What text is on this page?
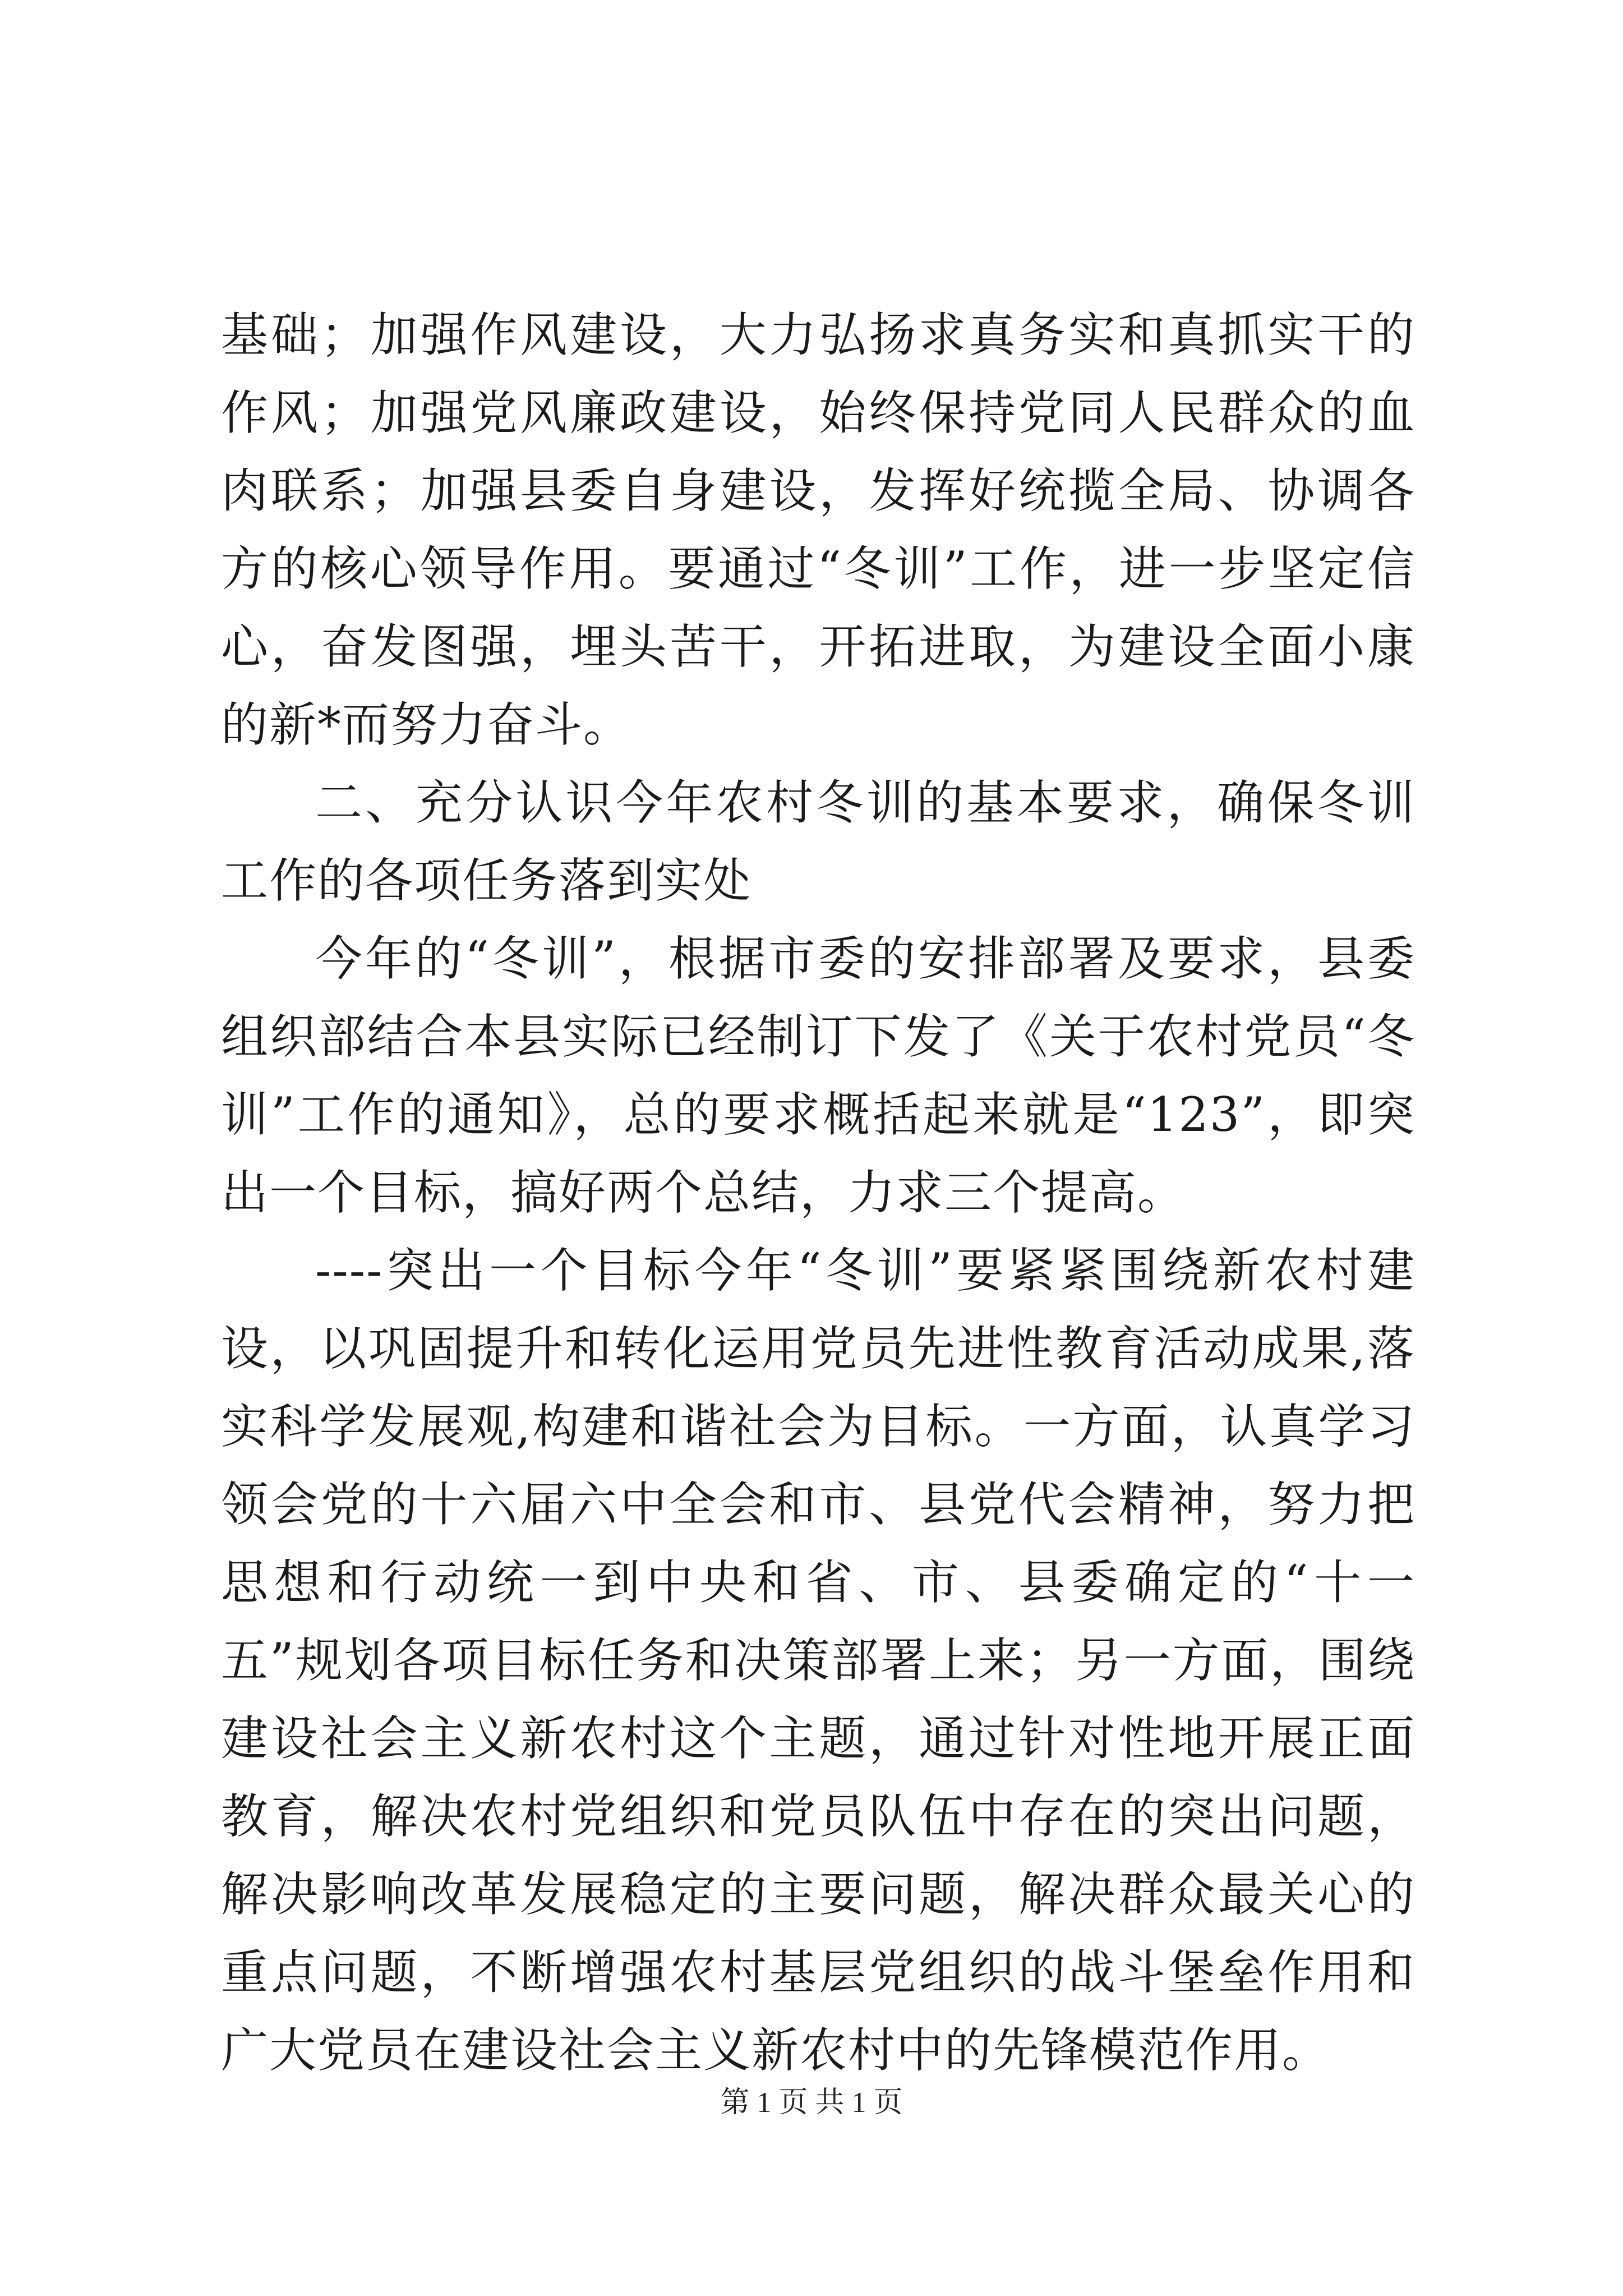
基础；加强作风建设，大力弘扬求真务实和真抓实干的作风；加强党风廉政建设，始终保持党同人民群众的血肉联系；加强县委自身建设，发挥好统揽全局、协调各方的核心领导作用。要通过“冬训”工作，进一步坚定信心，奋发图强，埋头苦干，开拓进取，为建设全面小康的新*而努力奋斗。

二、充分认识今年农村冬训的基本要求，确保冬训工作的各项任务落到实处

今年的“冬训”，根据市委的安排部署及要求，县委组织部结合本县实际已经制订下发了《关于农村党员“冬训”工作的通知》，总的要求概括起来就是“123”，即突出一个目标，搞好两个总结，力求三个提高。

----突出一个目标今年“冬训”要紧紧围绕新农村建设，以巩固提升和转化运用党员先进性教育活动成果,落实科学发展观,构建和谐社会为目标。一方面，认真学习领会党的十六届六中全会和市、县党代会精神，努力把思想和行动统一到中央和省、市、县委确定的“十一五”规划各项目标任务和决策部署上来；另一方面，围绕建设社会主义新农村这个主题，通过针对性地开展正面教育，解决农村党组织和党员队伍中存在的突出问题，解决影响改革发展稳定的主要问题，解决群众最关心的重点问题，不断增强农村基层党组织的战斗堡垒作用和广大党员在建设社会主义新农村中的先锋模范作用。

第 1 页 共 1 页
